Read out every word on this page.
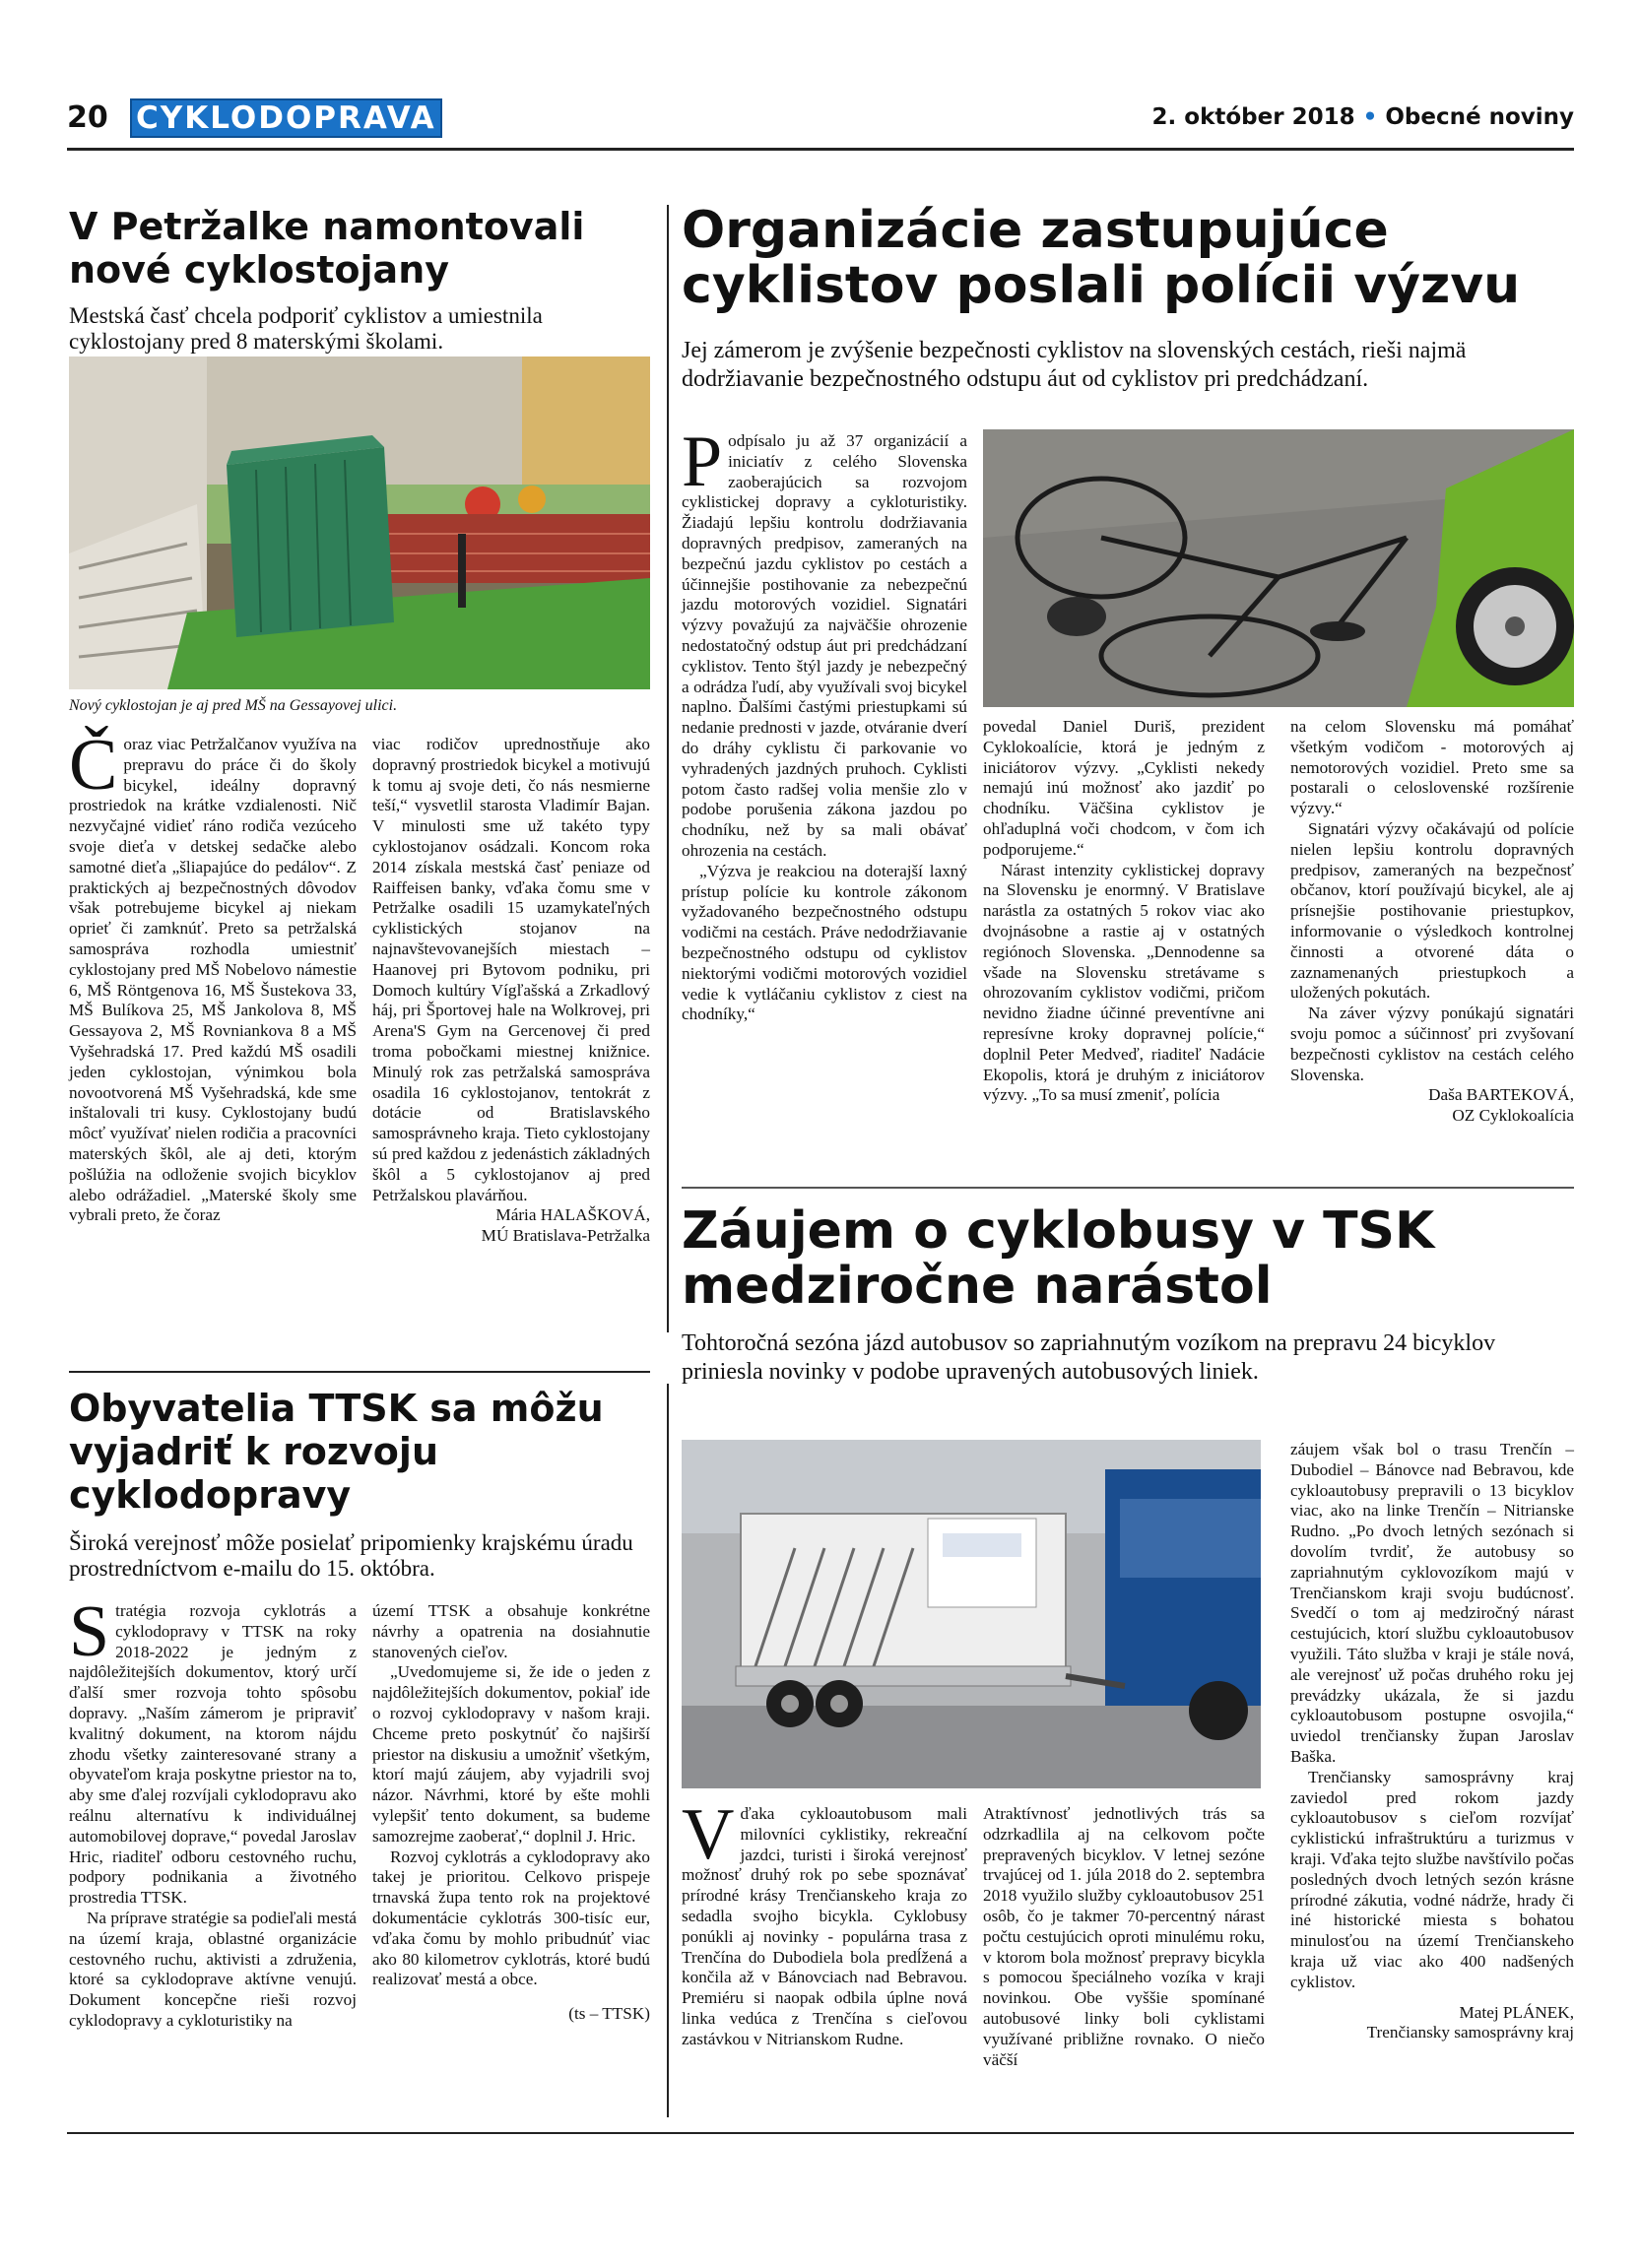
20 CYKLODOPRAVA	2. október 2018 • Obecné noviny
V Petržalke namontovali nové cyklostojany
Mestská časť chcela podporiť cyklistov a umiestnila cyklostojany pred 8 materskými školami.
Nový cyklostojan je aj pred MŠ na Gessayovej ulici.

Čoraz viac Petržalčanov využíva na prepravu do práce či do školy bicykel, ideálny dopravný prostriedok na krátke vzdialenosti. Nič nezvyčajné vidieť ráno rodiča vezúceho svoje dieťa v detskej sedačke alebo samotné dieťa „šliapajúce do pedálov“. Z praktických aj bezpečnostných dôvodov však potrebujeme bicykel aj niekam oprieť či zamknúť. Preto sa petržalská samospráva rozhodla umiestniť cyklostojany pred MŠ Nobelovo námestie 6, MŠ Röntgenova 16, MŠ Šustekova 33, MŠ Bulíkova 25, MŠ Jankolova 8, MŠ Gessayova 2, MŠ Rovniankova 8 a MŠ Vyšehradská 17. Pred každú MŠ osadili jeden cyklostojan, výnimkou bola novootvorená MŠ Vyšehradská, kde sme inštalovali tri kusy. Cyklostojany budú môcť využívať nielen rodičia a pracovníci materských škôl, ale aj deti, ktorým pošlúžia na odloženie svojich bicyklov alebo odrážadiel. „Materské školy sme vybrali preto, že čoraz

viac rodičov uprednostňuje ako dopravný prostriedok bicykel a motivujú k tomu aj svoje deti, čo nás nesmierne teší,“ vysvetlil starosta Vladimír Bajan. V minulosti sme už takéto typy cyklostojanov osádzali. Koncom roka 2014 získala mestská časť peniaze od Raiffeisen banky, vďaka čomu sme v Petržalke osadili 15 uzamykateľných cyklistických stojanov na najnavštevovanejších miestach – Haanovej pri Bytovom podniku, pri Domoch kultúry Vígľašská a Zrkadlový háj, pri Športovej hale na Wolkrovej, pri Arena'S Gym na Gercenovej či pred troma pobočkami miestnej knižnice. Minulý rok zas petržalská samospráva osadila 16 cyklostojanov, tentokrát z dotácie od Bratislavského samosprávneho kraja. Tieto cyklostojany sú pred každou z jedenástich základných škôl a 5 cyklostojanov aj pred Petržalskou plavárňou.

Mária HALAŠKOVÁ,

MÚ Bratislava-Petržalka

Organizácie zastupujúce cyklistov poslali polícii výzvu
Jej zámerom je zvýšenie bezpečnosti cyklistov na slovenských cestách, rieši najmä dodržiavanie bezpečnostného odstupu áut od cyklistov pri predchádzaní.

Podpísalo ju až 37 organizácií a iniciatív z celého Slovenska zaoberajúcich sa rozvojom cyklistickej dopravy a cykloturistiky. Žiadajú lepšiu kontrolu dodržiavania dopravných predpisov, zameraných na bezpečnú jazdu cyklistov po cestách a účinnejšie postihovanie za nebezpečnú jazdu motorových vozidiel. Signatári výzvy považujú za najväčšie ohrozenie nedostatočný odstup áut pri predchádzaní cyklistov. Tento štýl jazdy je nebezpečný a odrádza ľudí, aby využívali svoj bicykel naplno. Ďalšími častými priestupkami sú nedanie prednosti v jazde, otváranie dverí do dráhy cyklistu či parkovanie vo vyhradených jazdných pruhoch. Cyklisti potom často radšej volia menšie zlo v podobe porušenia zákona jazdou po chodníku, než by sa mali obávať ohrozenia na cestách.

„Výzva je reakciou na doterajší laxný prístup polície ku kontrole zákonom vyžadovaného bezpečnostného odstupu vodičmi na cestách. Práve nedodržiavanie bezpečnostného odstupu od cyklistov niektorými vodičmi motorových vozidiel vedie k vytláčaniu cyklistov z ciest na chodníky,“

povedal Daniel Duriš, prezident Cyklokoalície, ktorá je jedným z iniciátorov výzvy. „Cyklisti nekedy nemajú inú možnosť ako jazdiť po chodníku. Väčšina cyklistov je ohľaduplná voči chodcom, v čom ich podporujeme.“

Nárast intenzity cyklistickej dopravy na Slovensku je enormný. V Bratislave narástla za ostatných 5 rokov viac ako dvojnásobne a rastie aj v ostatných regiónoch Slovenska. „Dennodenne sa všade na Slovensku stretávame s ohrozovaním cyklistov vodičmi, pričom nevidno žiadne účinné preventívne ani represívne kroky dopravnej polície,“ doplnil Peter Medveď, riaditeľ Nadácie Ekopolis, ktorá je druhým z iniciátorov výzvy. „To sa musí zmeniť, polícia

na celom Slovensku má pomáhať všetkým vodičom - motorových aj nemotorových vozidiel. Preto sme sa postarali o celoslovenské rozšírenie výzvy.“

Signatári výzvy očakávajú od polície nielen lepšiu kontrolu dopravných predpisov, zameraných na bezpečnosť občanov, ktorí používajú bicykel, ale aj prísnejšie postihovanie priestupkov, informovanie o výsledkoch kontrolnej činnosti a otvorené dáta o zaznamenaných priestupkoch a uložených pokutách.

Na záver výzvy ponúkajú signatári svoju pomoc a súčinnosť pri zvyšovaní bezpečnosti cyklistov na cestách celého Slovenska.

Daša BARTEKOVÁ,

OZ Cyklokoalícia

Obyvatelia TTSK sa môžu vyjadriť k rozvoju cyklodopravy
Široká verejnosť môže posielať pripomienky krajskému úradu prostredníctvom e-mailu do 15. októbra.

Stratégia rozvoja cyklotrás a cyklodopravy v TTSK na roky 2018-2022 je jedným z najdôležitejších dokumentov, ktorý určí ďalší smer rozvoja tohto spôsobu dopravy. „Naším zámerom je pripraviť kvalitný dokument, na ktorom nájdu zhodu všetky zainteresované strany a obyvateľom kraja poskytne priestor na to, aby sme ďalej rozvíjali cyklodopravu ako reálnu alternatívu k individuálnej automobilovej doprave,“ povedal Jaroslav Hric, riaditeľ odboru cestovného ruchu, podpory podnikania a životného prostredia TTSK.

Na príprave stratégie sa podieľali mestá na území kraja, oblastné organizácie cestovného ruchu, aktivisti a združenia, ktoré sa cyklodoprave aktívne venujú. Dokument koncepčne rieši rozvoj cyklodopravy a cykloturistiky na

území TTSK a obsahuje konkrétne návrhy a opatrenia na dosiahnutie stanovených cieľov.

„Uvedomujeme si, že ide o jeden z najdôležitejších dokumentov, pokiaľ ide o rozvoj cyklodopravy v našom kraji. Chceme preto poskytnúť čo najširší priestor na diskusiu a umožniť všetkým, ktorí majú záujem, aby vyjadrili svoj názor. Návrhmi, ktoré by ešte mohli vylepšiť tento dokument, sa budeme samozrejme zaoberať,“ doplnil J. Hric.

Rozvoj cyklotrás a cyklodopravy ako takej je prioritou. Celkovo prispeje trnavská župa tento rok na projektové dokumentácie cyklotrás 300-tisíc eur, vďaka čomu by mohlo pribudnúť viac ako 80 kilometrov cyklotrás, ktoré budú realizovať mestá a obce.

(ts – TTSK)

Záujem o cyklobusy v TSK medziročne narástol
Tohtoročná sezóna jázd autobusov so zapriahnutým vozíkom na prepravu 24 bicyklov priniesla novinky v podobe upravených autobusových liniek.

Vďaka cykloautobusom mali milovníci cyklistiky, rekreační jazdci, turisti i široká verejnosť možnosť druhý rok po sebe spoznávať prírodné krásy Trenčianskeho kraja zo sedadla svojho bicykla. Cyklobusy ponúkli aj novinky - populárna trasa z Trenčína do Dubodiela bola predĺžená a končila až v Bánovciach nad Bebravou. Premiéru si naopak odbila úplne nová linka vedúca z Trenčína s cieľovou zastávkou v Nitrianskom Rudne.

Atraktívnosť jednotlivých trás sa odzrkadlila aj na celkovom počte prepravených bicyklov. V letnej sezóne trvajúcej od 1. júla 2018 do 2. septembra 2018 využilo služby cykloautobusov 251 osôb, čo je takmer 70-percentný nárast počtu cestujúcich oproti minulému roku, v ktorom bola možnosť prepravy bicykla s pomocou špeciálneho vozíka v kraji novinkou. Obe vyššie spomínané autobusové linky boli cyklistami využívané približne rovnako. O niečo väčší

záujem však bol o trasu Trenčín – Dubodiel – Bánovce nad Bebravou, kde cykloautobusy prepravili o 13 bicyklov viac, ako na linke Trenčín – Nitrianske Rudno. „Po dvoch letných sezónach si dovolím tvrdiť, že autobusy so zapriahnutým cyklovozíkom majú v Trenčianskom kraji svoju budúcnosť. Svedčí o tom aj medziročný nárast cestujúcich, ktorí službu cykloautobusov využili. Táto služba v kraji je stále nová, ale verejnosť už počas druhého roku jej prevádzky ukázala, že si jazdu cykloautobusom postupne osvojila,“ uviedol trenčiansky župan Jaroslav Baška.

Trenčiansky samosprávny kraj zaviedol pred rokom jazdy cykloautobusov s cieľom rozvíjať cyklistickú infraštruktúru a turizmus v kraji. Vďaka tejto službe navštívilo počas posledných dvoch letných sezón krásne prírodné zákutia, vodné nádrže, hrady či iné historické miesta s bohatou minulosťou na území Trenčianskeho kraja už viac ako 400 nadšených cyklistov.

Matej PLÁNEK,

Trenčiansky samosprávny kraj
